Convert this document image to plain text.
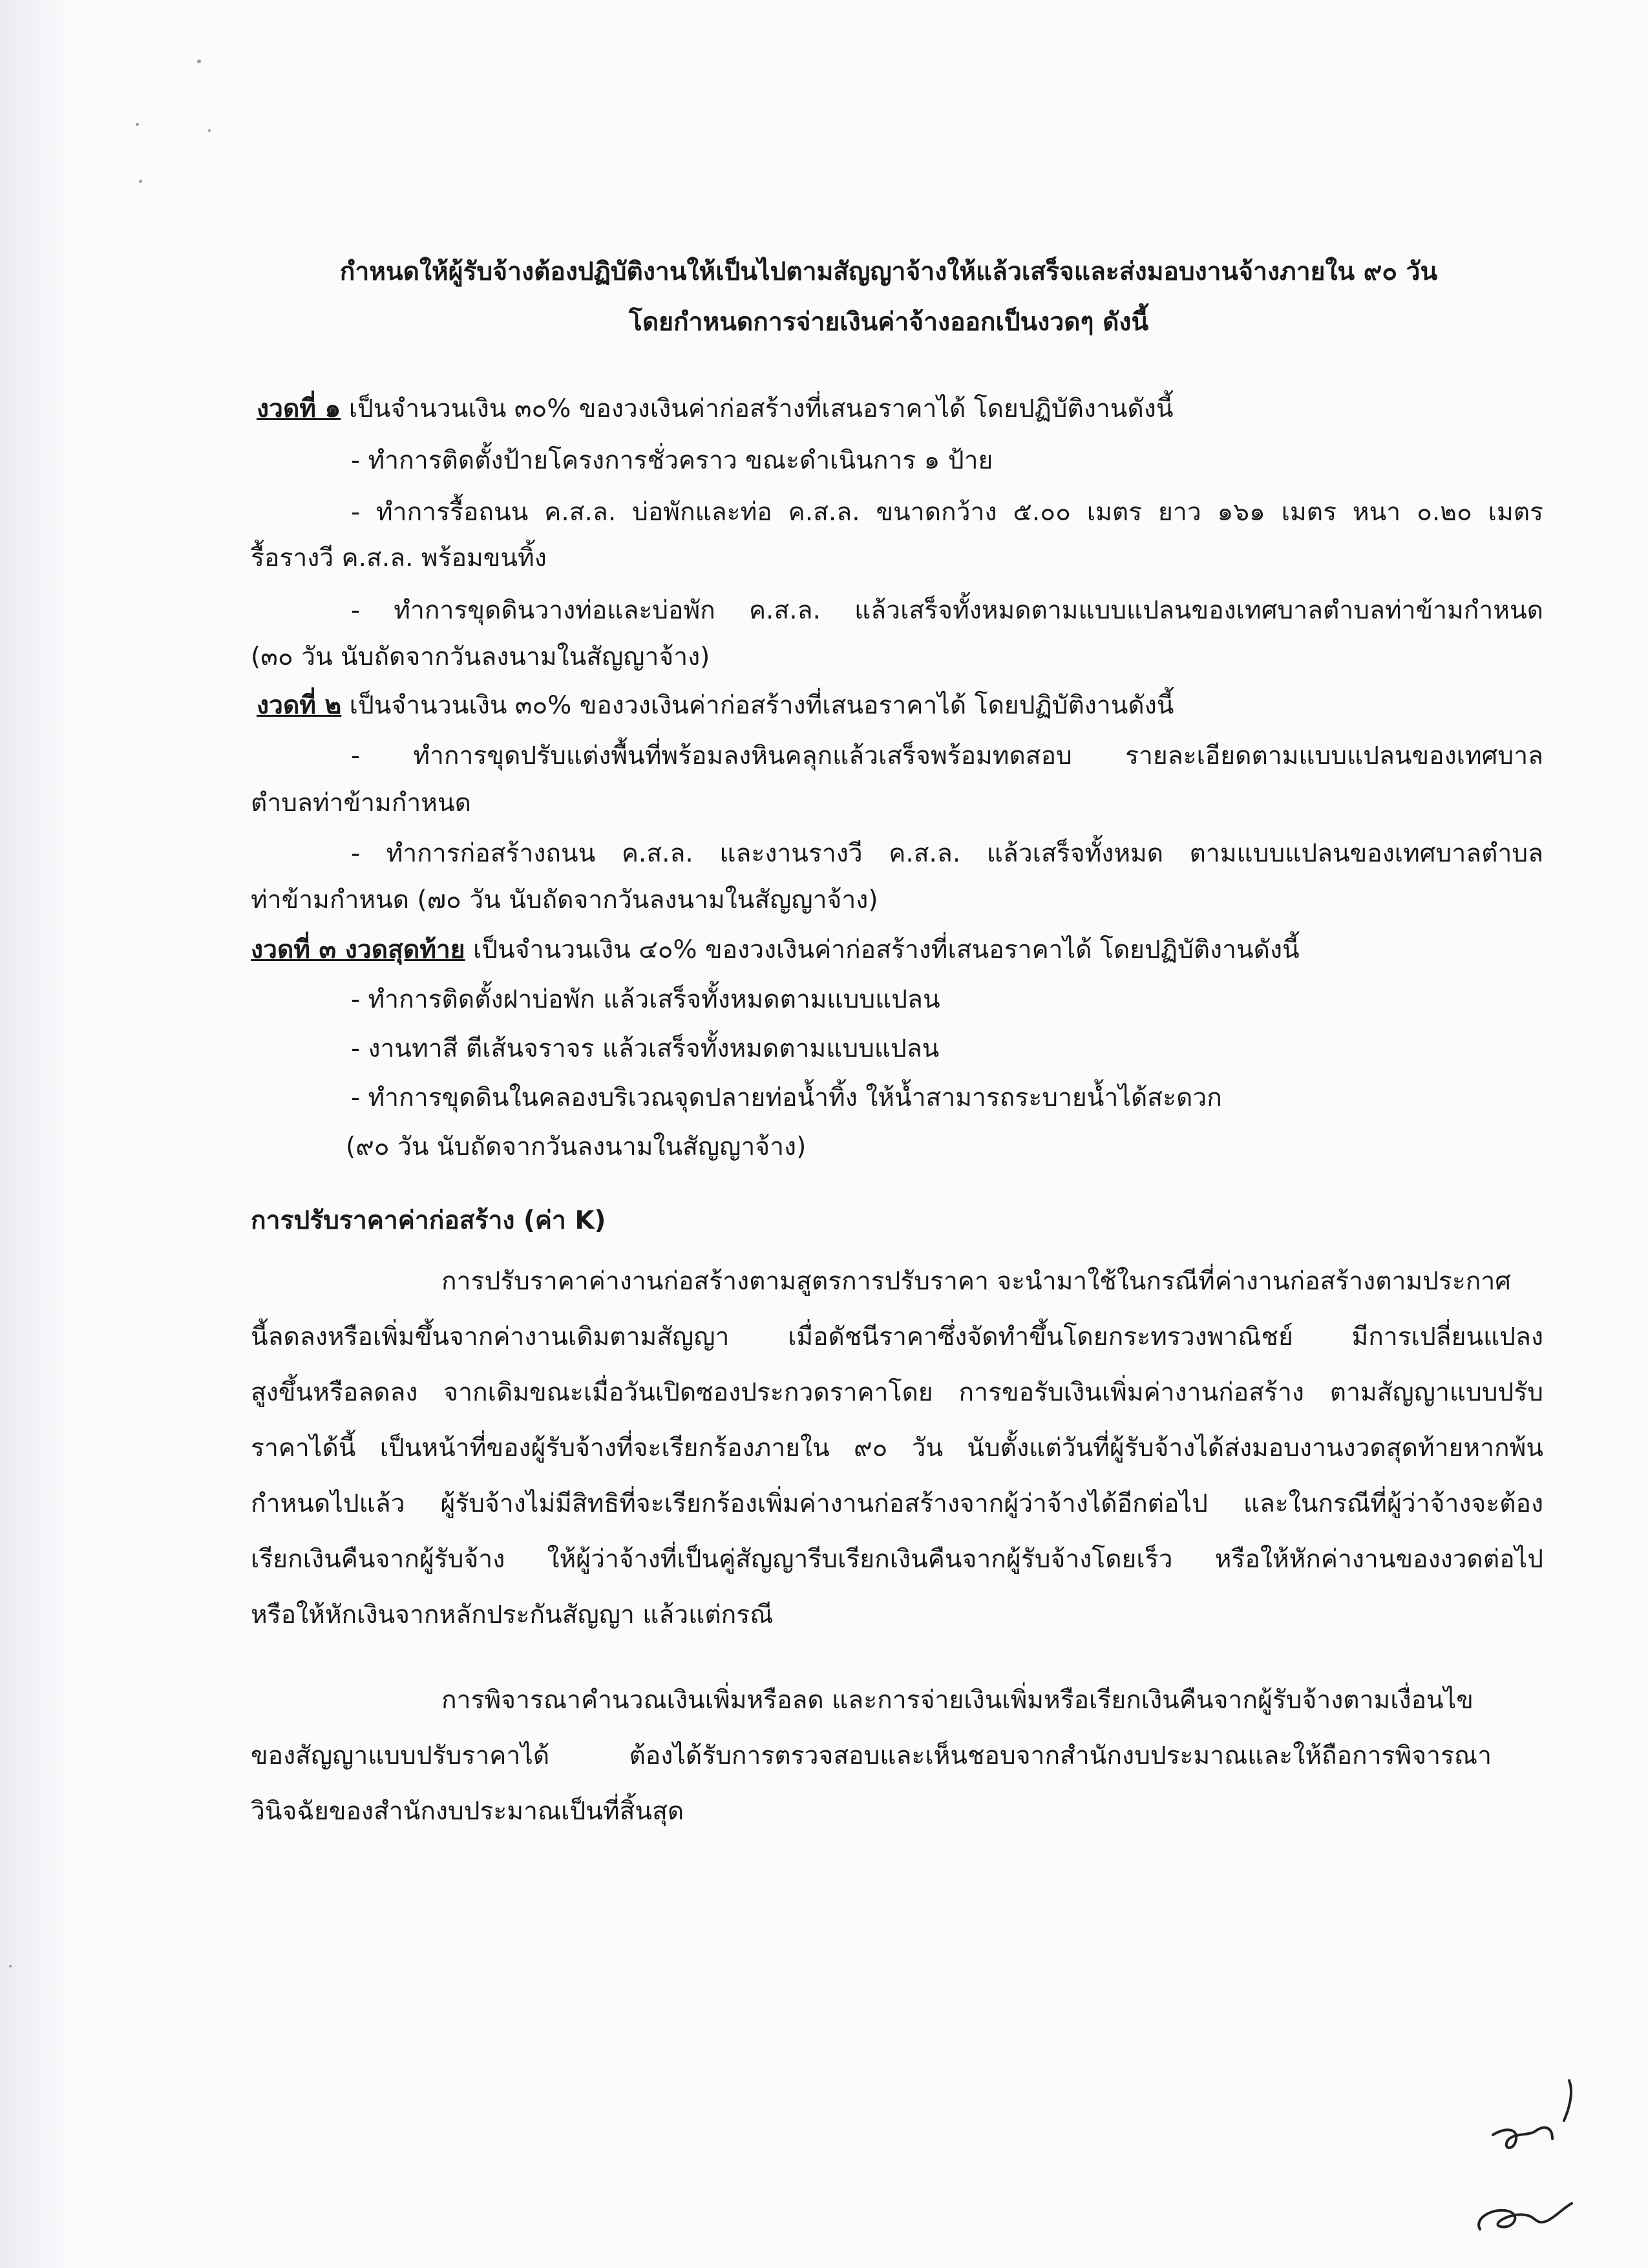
กำหนดให้ผู้รับจ้างต้องปฏิบัติงานให้เป็นไปตามสัญญาจ้างให้แล้วเสร็จและส่งมอบงานจ้างภายใน ๙๐ วัน
โดยกำหนดการจ่ายเงินค่าจ้างออกเป็นงวดๆ ดังนี้
งวดที่ ๑ เป็นจำนวนเงิน ๓๐% ของวงเงินค่าก่อสร้างที่เสนอราคาได้ โดยปฏิบัติงานดังนี้
- ทำการติดตั้งป้ายโครงการชั่วคราว ขณะดำเนินการ ๑ ป้าย
- ทำการรื้อถนน ค.ส.ล. บ่อพักและท่อ ค.ส.ล. ขนาดกว้าง ๕.๐๐ เมตร ยาว ๑๖๑ เมตร หนา ๐.๒๐ เมตร
รื้อรางวี ค.ส.ล. พร้อมขนทิ้ง
- ทำการขุดดินวางท่อและบ่อพัก ค.ส.ล. แล้วเสร็จทั้งหมดตามแบบแปลนของเทศบาลตำบลท่าข้ามกำหนด
(๓๐ วัน นับถัดจากวันลงนามในสัญญาจ้าง)
งวดที่ ๒ เป็นจำนวนเงิน ๓๐% ของวงเงินค่าก่อสร้างที่เสนอราคาได้ โดยปฏิบัติงานดังนี้
- ทำการขุดปรับแต่งพื้นที่พร้อมลงหินคลุกแล้วเสร็จพร้อมทดสอบ รายละเอียดตามแบบแปลนของเทศบาล
ตำบลท่าข้ามกำหนด
- ทำการก่อสร้างถนน ค.ส.ล. และงานรางวี ค.ส.ล. แล้วเสร็จทั้งหมด ตามแบบแปลนของเทศบาลตำบล
ท่าข้ามกำหนด (๗๐ วัน นับถัดจากวันลงนามในสัญญาจ้าง)
งวดที่ ๓ งวดสุดท้าย เป็นจำนวนเงิน ๔๐% ของวงเงินค่าก่อสร้างที่เสนอราคาได้ โดยปฏิบัติงานดังนี้
- ทำการติดตั้งฝาบ่อพัก แล้วเสร็จทั้งหมดตามแบบแปลน
- งานทาสี ตีเส้นจราจร แล้วเสร็จทั้งหมดตามแบบแปลน
- ทำการขุดดินในคลองบริเวณจุดปลายท่อน้ำทิ้ง ให้น้ำสามารถระบายน้ำได้สะดวก
(๙๐ วัน นับถัดจากวันลงนามในสัญญาจ้าง)
การปรับราคาค่าก่อสร้าง (ค่า K)
การปรับราคาค่างานก่อสร้างตามสูตรการปรับราคา จะนำมาใช้ในกรณีที่ค่างานก่อสร้างตามประกาศ
นี้ลดลงหรือเพิ่มขึ้นจากค่างานเดิมตามสัญญา เมื่อดัชนีราคาซึ่งจัดทำขึ้นโดยกระทรวงพาณิชย์ มีการเปลี่ยนแปลง
สูงขึ้นหรือลดลง จากเดิมขณะเมื่อวันเปิดซองประกวดราคาโดย การขอรับเงินเพิ่มค่างานก่อสร้าง ตามสัญญาแบบปรับ
ราคาได้นี้ เป็นหน้าที่ของผู้รับจ้างที่จะเรียกร้องภายใน ๙๐ วัน นับตั้งแต่วันที่ผู้รับจ้างได้ส่งมอบงานงวดสุดท้ายหากพ้น
กำหนดไปแล้ว ผู้รับจ้างไม่มีสิทธิที่จะเรียกร้องเพิ่มค่างานก่อสร้างจากผู้ว่าจ้างได้อีกต่อไป และในกรณีที่ผู้ว่าจ้างจะต้อง
เรียกเงินคืนจากผู้รับจ้าง ให้ผู้ว่าจ้างที่เป็นคู่สัญญารีบเรียกเงินคืนจากผู้รับจ้างโดยเร็ว หรือให้หักค่างานของงวดต่อไป
หรือให้หักเงินจากหลักประกันสัญญา แล้วแต่กรณี
การพิจารณาคำนวณเงินเพิ่มหรือลด และการจ่ายเงินเพิ่มหรือเรียกเงินคืนจากผู้รับจ้างตามเงื่อนไข
ของสัญญาแบบปรับราคาได้ ต้องได้รับการตรวจสอบและเห็นชอบจากสำนักงบประมาณและให้ถือการพิจารณา
วินิจฉัยของสำนักงบประมาณเป็นที่สิ้นสุด
